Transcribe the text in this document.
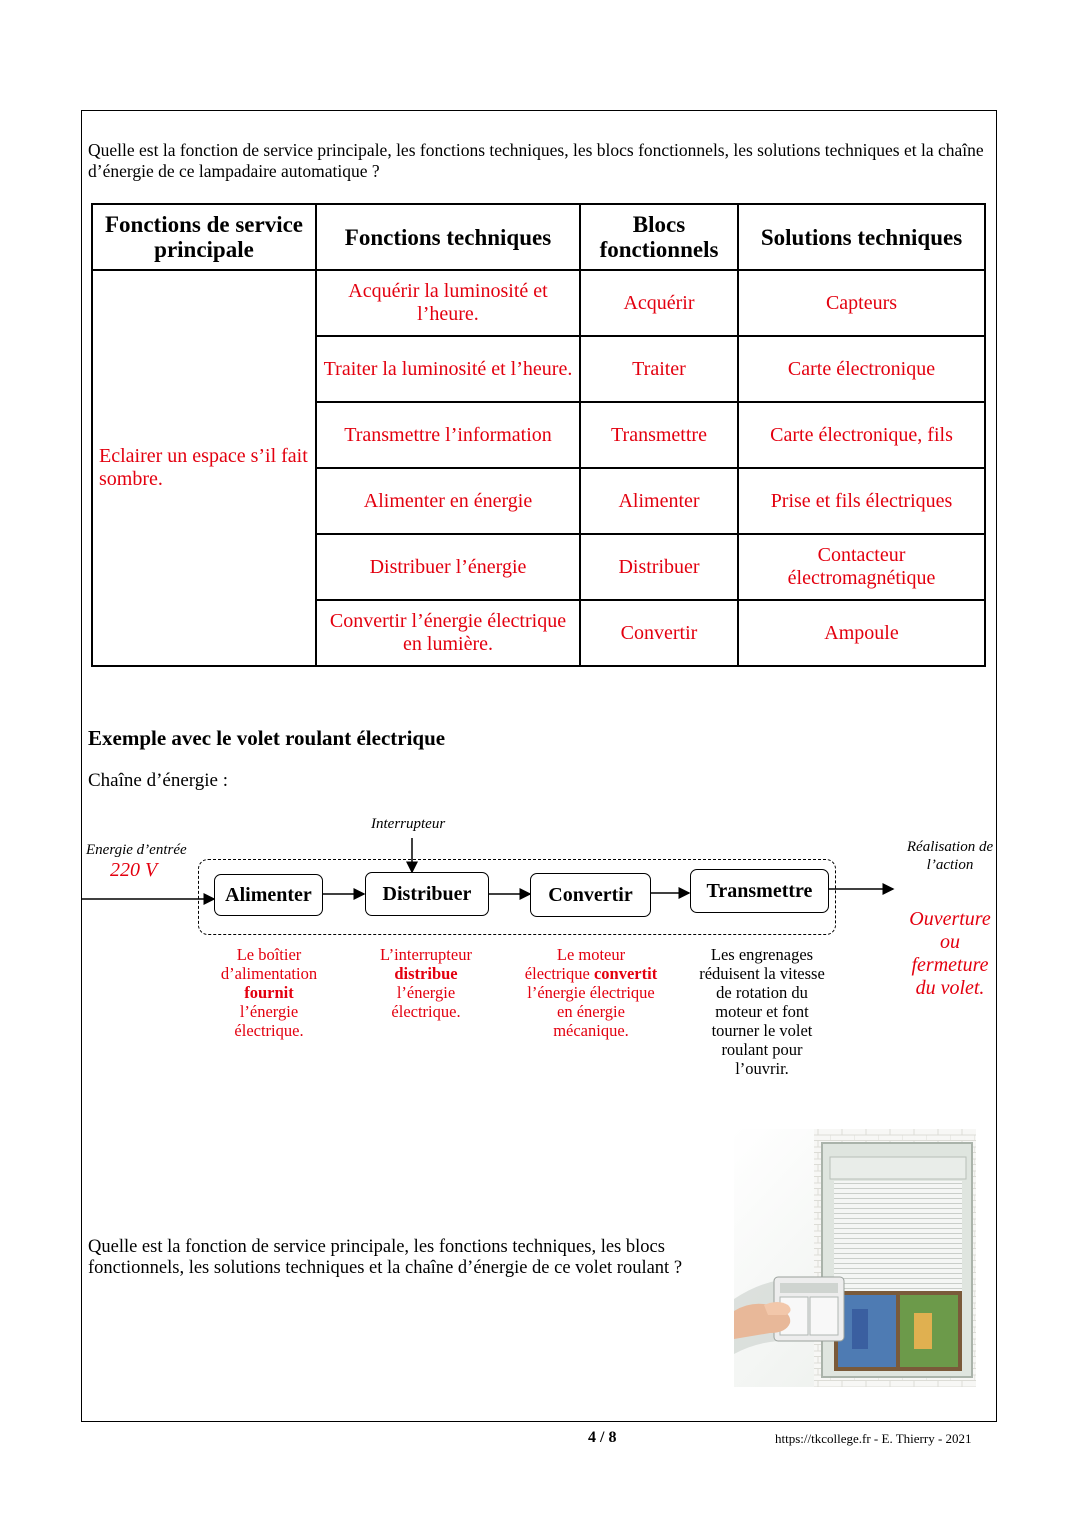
Quelle est la fonction de service principale, les fonctions techniques, les blocs fonctionnels, les solutions techniques et la chaîne d’énergie de ce lampadaire automatique ?
Fonctions de service principale	Fonctions techniques	Blocs fonctionnels	Solutions techniques
Eclairer un espace s’il fait sombre.	Acquérir la luminosité et l’heure.	Acquérir	Capteurs
	Traiter la luminosité et l’heure.	Traiter	Carte électronique
	Transmettre l’information	Transmettre	Carte électronique, fils
	Alimenter en énergie	Alimenter	Prise et fils électriques
	Distribuer l’énergie	Distribuer	Contacteur électromagnétique
	Convertir l’énergie électrique en lumière.	Convertir	Ampoule
Exemple avec le volet roulant électrique
Chaîne d’énergie :
Energie d’entrée
220 V
Interrupteur
Alimenter	Distribuer	Convertir	Transmettre
Réalisation de
l’action
Ouverture
ou
fermeture
du volet.
Le boîtier
d’alimentation
fournit
l’énergie
électrique.
L’interrupteur
distribue
l’énergie
électrique.
Le moteur
électrique convertit
l’énergie électrique
en énergie
mécanique.
Les engrenages
réduisent la vitesse
de rotation du
moteur et font
tourner le volet
roulant pour
l’ouvrir.
Quelle est la fonction de service principale, les fonctions techniques, les blocs fonctionnels, les solutions techniques et la chaîne d’énergie de ce volet roulant ?
4 / 8	https://tkcollege.fr - E. Thierry - 2021
